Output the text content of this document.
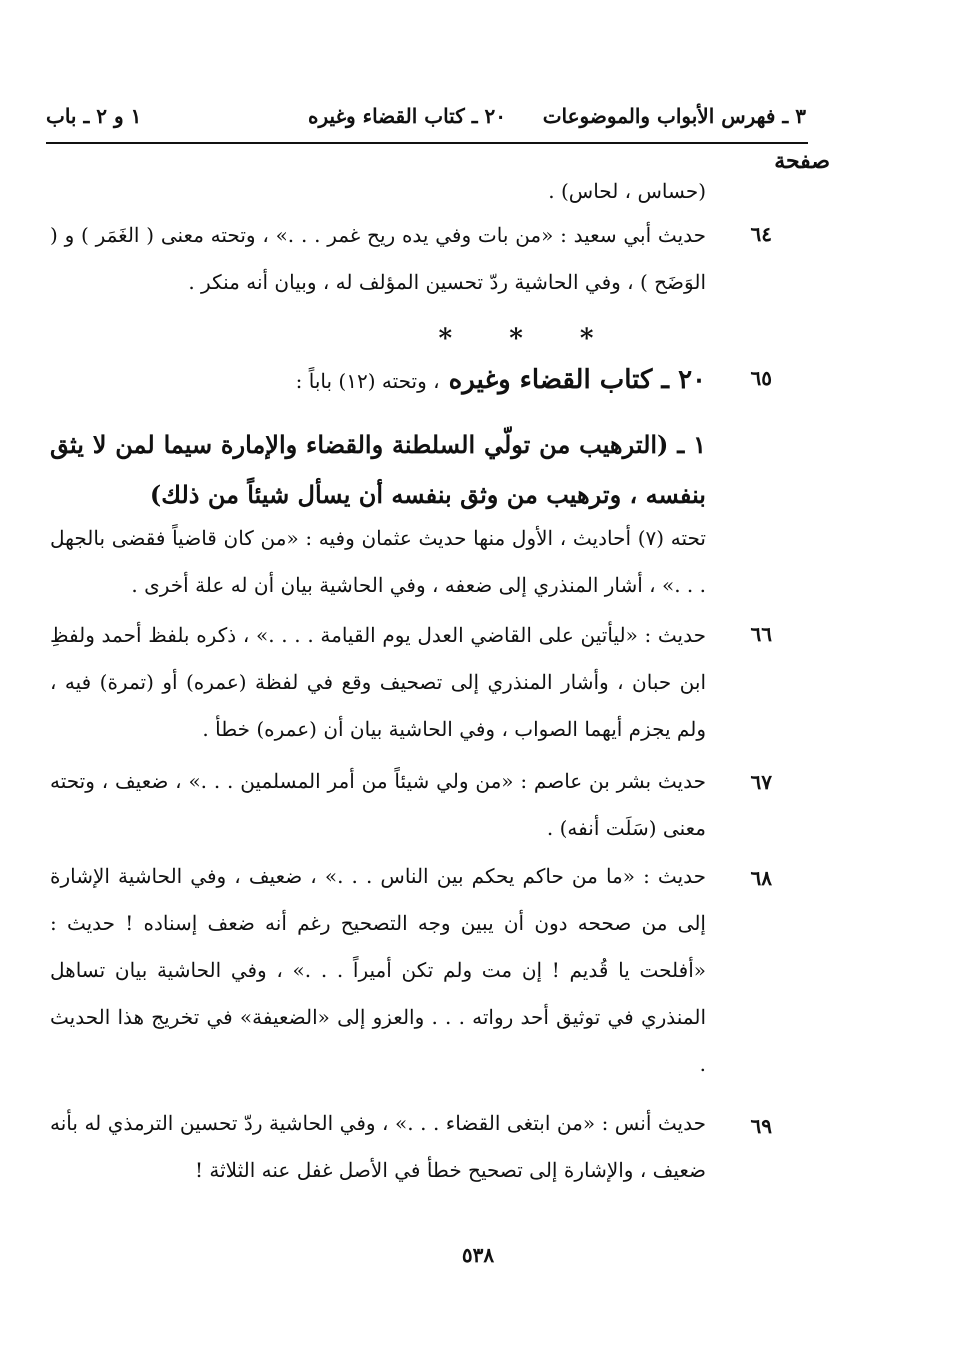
٣ ـ فهرس الأبواب والموضوعات
٢٠ ـ كتاب القضاء وغيره
١ و ٢ ـ باب
صفحة
(حساس ، لحاس) .
٦٤
حديث أبي سعيد : «من بات وفي يده ريح غمر . . .» ، وتحته معنى ( الغَمَر ) و ( الوَضَح ) ، وفي الحاشية ردّ تحسين المؤلف له ، وبيان أنه منكر .
* * *
٦٥
٢٠ ـ كتاب القضاء وغيره ، وتحته (١٢) باباً :
١ ـ (الترهيب من تولّي السلطنة والقضاء والإمارة سيما لمن لا يثق بنفسه ، وترهيب من وثق بنفسه أن يسأل شيئاً من ذلك)
تحته (٧) أحاديث ، الأول منها حديث عثمان وفيه : «من كان قاضياً فقضى بالجهل . . .» ، أشار المنذري إلى ضعفه ، وفي الحاشية بيان أن له علة أخرى .
٦٦
حديث : «ليأتين على القاضي العدل يوم القيامة . . . .» ، ذكره بلفظ أحمد ولفظِ ابن حبان ، وأشار المنذري إلى تصحيف وقع في لفظة (عمره) أو (تمرة) فيه ، ولم يجزم أيهما الصواب ، وفي الحاشية بيان أن (عمره) خطأ .
٦٧
حديث بشر بن عاصم : «من ولي شيئاً من أمر المسلمين . . .» ، ضعيف ، وتحته معنى (سَلَت أنفه) .
٦٨
حديث : «ما من حاكم يحكم بين الناس . . .» ، ضعيف ، وفي الحاشية الإشارة إلى من صححه دون أن يبين وجه التصحيح رغم أنه ضعف إسناده ! حديث : «أفلحت يا قُديم ! إن مت ولم تكن أميراً . . .» ، وفي الحاشية بيان تساهل المنذري في توثيق أحد رواته . . . والعزو إلى «الضعيفة» في تخريج هذا الحديث .
٦٩
حديث أنس : «من ابتغى القضاء . . .» ، وفي الحاشية ردّ تحسين الترمذي له بأنه ضعيف ، والإشارة إلى تصحيح خطأ في الأصل غفل عنه الثلاثة !
٥٣٨
